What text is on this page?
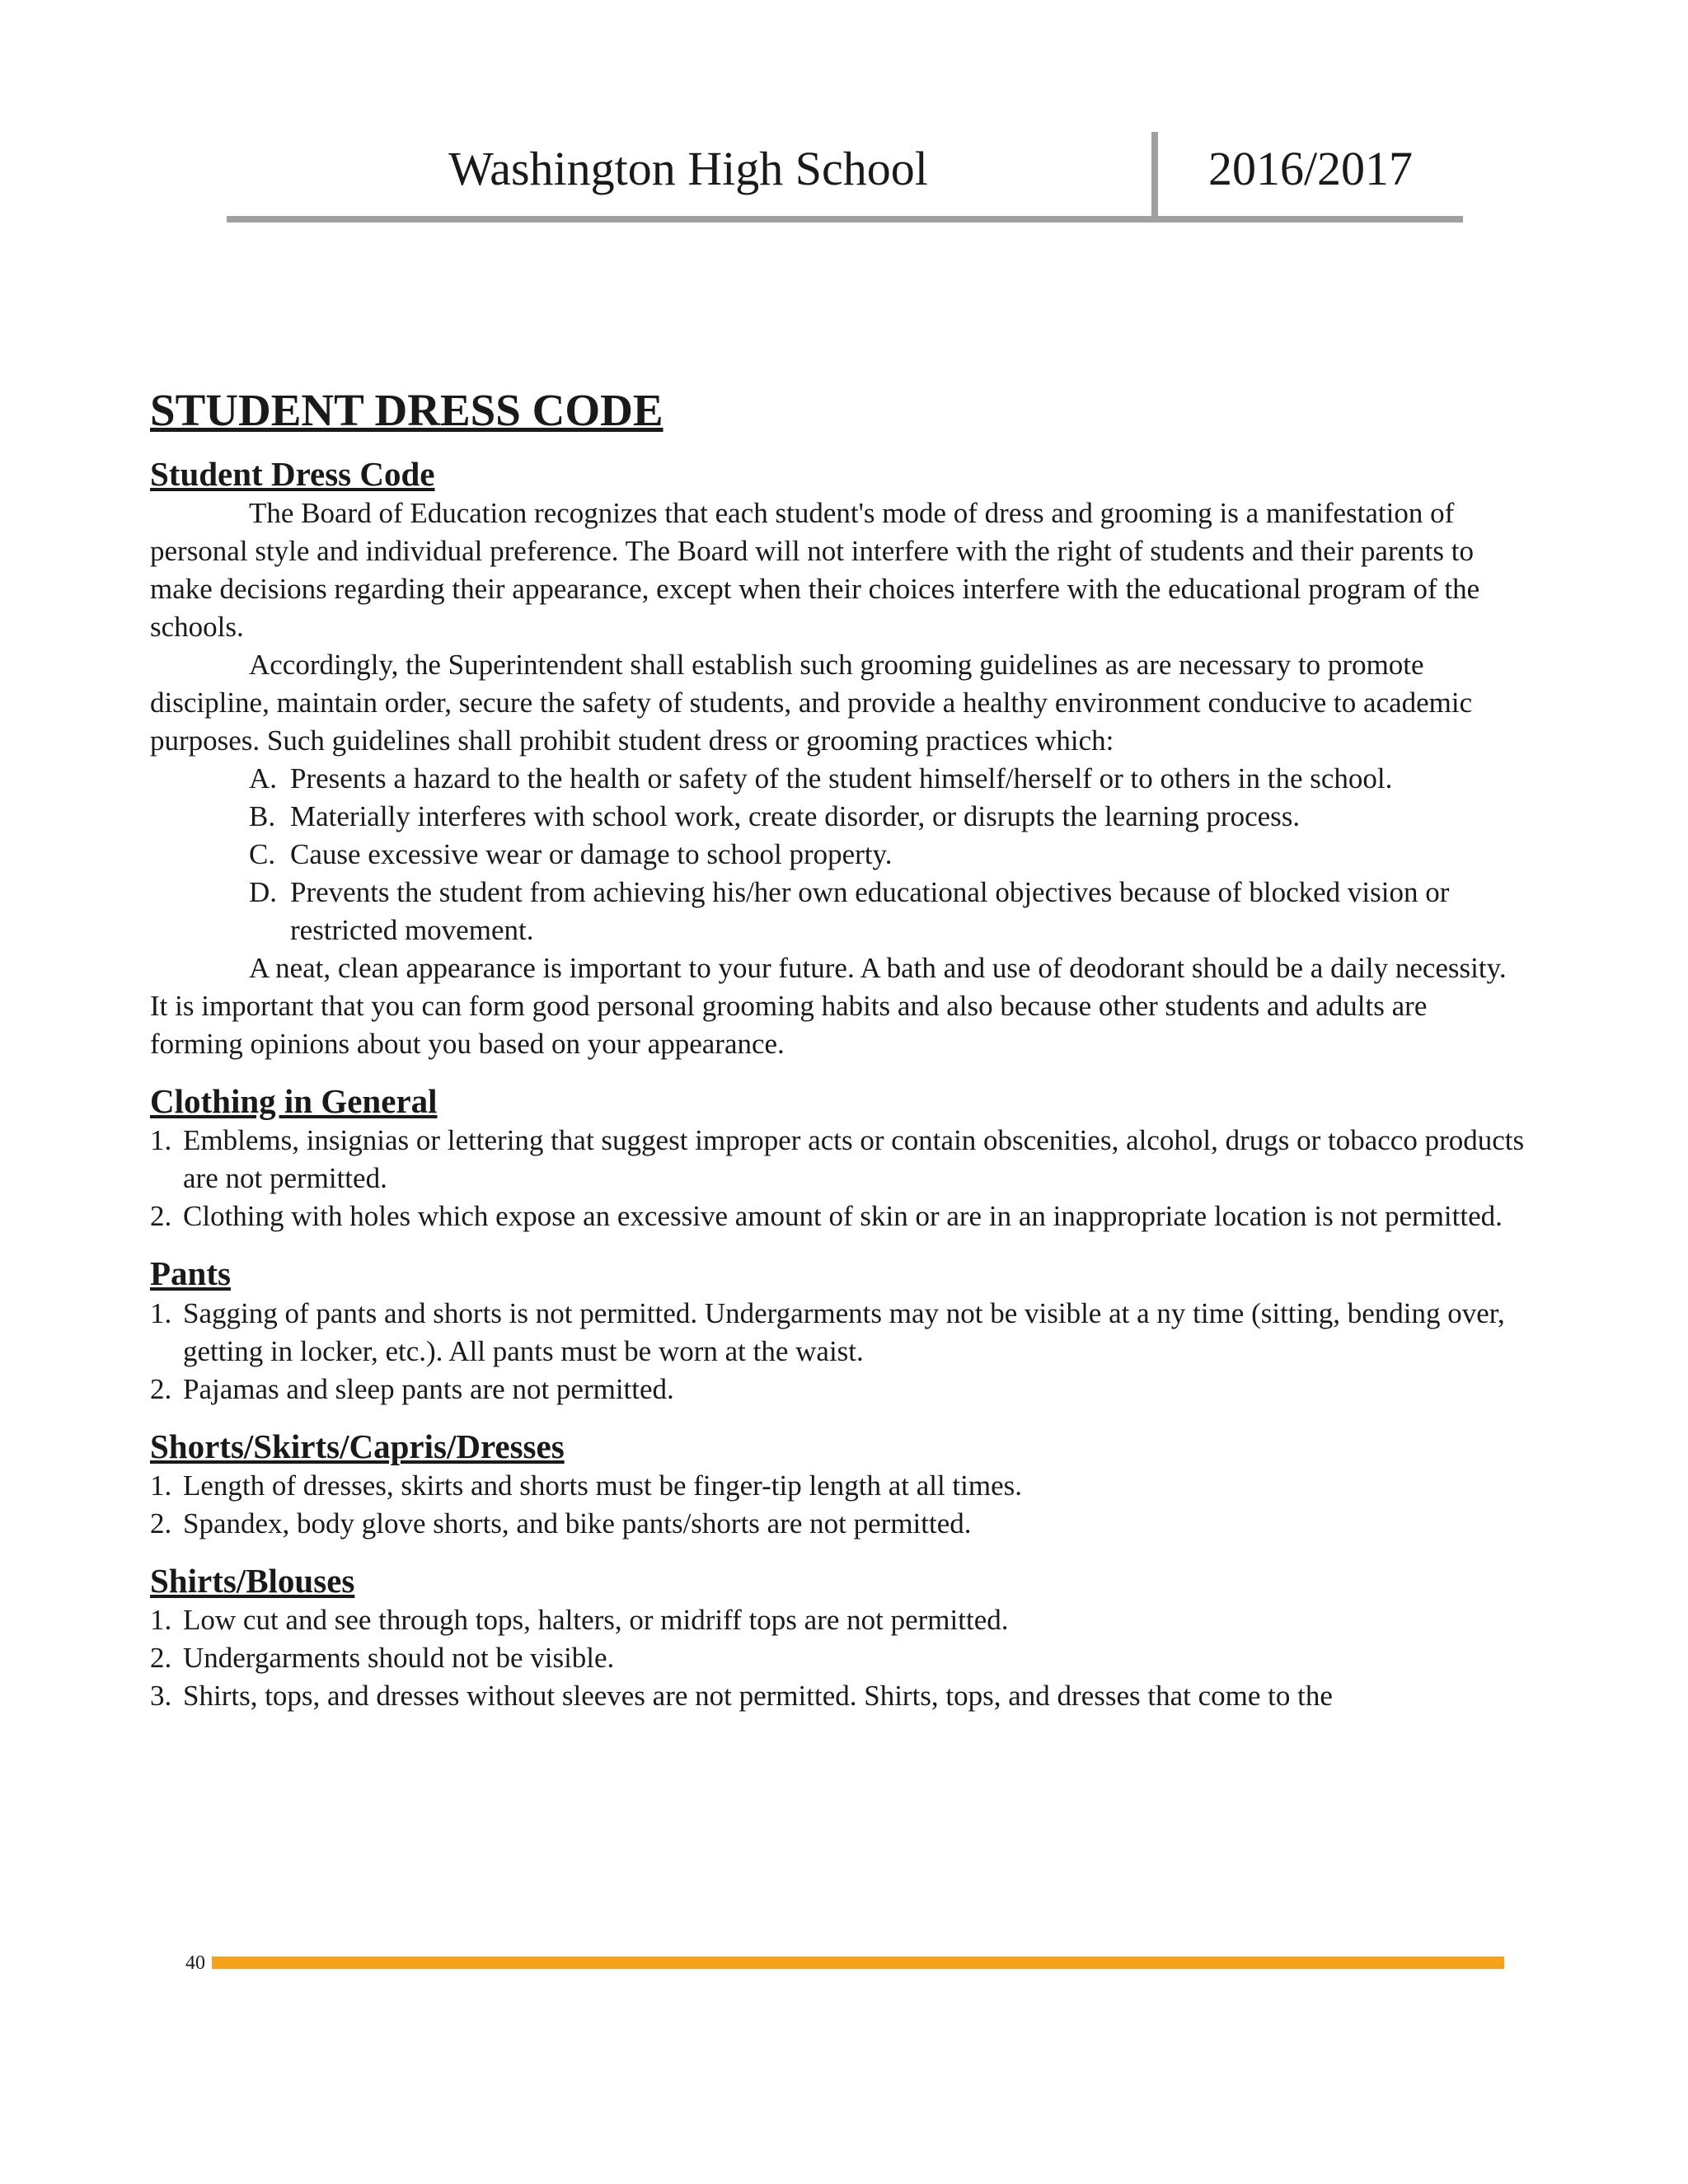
Washington High School	2016/2017
STUDENT DRESS CODE
Student Dress Code

The Board of Education recognizes that each student's mode of dress and grooming is a manifestation of personal style and individual preference. The Board will not interfere with the right of students and their parents to make decisions regarding their appearance, except when their choices interfere with the educational program of the schools.

Accordingly, the Superintendent shall establish such grooming guidelines as are necessary to promote discipline, maintain order, secure the safety of students, and provide a healthy environment conducive to academic purposes. Such guidelines shall prohibit student dress or grooming practices which:

A. Presents a hazard to the health or safety of the student himself/herself or to others in the school.
B. Materially interferes with school work, create disorder, or disrupts the learning process.
C. Cause excessive wear or damage to school property.
D. Prevents the student from achieving his/her own educational objectives because of blocked vision or restricted movement.

A neat, clean appearance is important to your future. A bath and use of deodorant should be a daily necessity. It is important that you can form good personal grooming habits and also because other students and adults are forming opinions about you based on your appearance.

Clothing in General
1. Emblems, insignias or lettering that suggest improper acts or contain obscenities, alcohol, drugs or tobacco products are not permitted.
2. Clothing with holes which expose an excessive amount of skin or are in an inappropriate location is not permitted.
Pants
1. Sagging of pants and shorts is not permitted. Undergarments may not be visible at a ny time (sitting, bending over, getting in locker, etc.). All pants must be worn at the waist.
2. Pajamas and sleep pants are not permitted.
Shorts/Skirts/Capris/Dresses
1. Length of dresses, skirts and shorts must be finger-tip length at all times.
2. Spandex, body glove shorts, and bike pants/shorts are not permitted.
Shirts/Blouses
1. Low cut and see through tops, halters, or midriff tops are not permitted.
2. Undergarments should not be visible.
3. Shirts, tops, and dresses without sleeves are not permitted. Shirts, tops, and dresses that come to the
40
